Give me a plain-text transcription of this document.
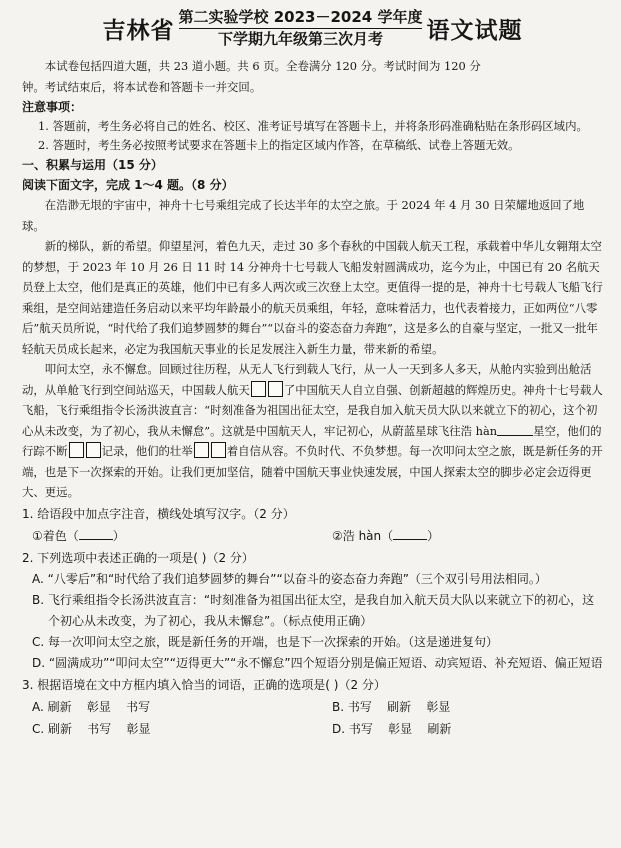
吉林省
第二实验学校 2023－2024 学年度
下学期九年级第三次月考 语文试题

本试卷包括四道大题，共 23 道小题。共 6 页。全卷满分 120 分。考试时间为 120 分

钟。考试结束后，将本试卷和答题卡一并交回。

注意事项：

1. 答题前，考生务必将自己的姓名、校区、准考证号填写在答题卡上，并将条形码准确粘贴在条形码区域内。

2. 答题时，考生务必按照考试要求在答题卡上的指定区域内作答，在草稿纸、试卷上答题无效。

一、积累与运用（15 分）

阅读下面文字，完成 1～4 题。（8 分）

在浩渺无垠的宇宙中，神舟十七号乘组完成了长达半年的太空之旅。于 2024 年 4 月 30 日荣耀地返回了地球。

新的梯队，新的希望。仰望星河，着色九天，走过 30 多个春秋的中国载人航天工程，承载着中华儿女翱翔太空的梦想，于 2023 年 10 月 26 日 11 时 14 分神舟十七号载人飞船发射圆满成功，迄今为止，中国已有 20 名航天员登上太空，他们是真正的英雄，他们中已有多人两次或三次登上太空。更值得一提的是，神舟十七号载人飞船飞行乘组，是空间站建造任务启动以来平均年龄最小的航天员乘组，年轻，意味着活力，也代表着接力，正如两位“八零后”航天员所说，“时代给了我们追梦圆梦的舞台”“以奋斗的姿态奋力奔跑”，这是多么的自豪与坚定，一批又一批年轻航天员成长起来，必定为我国航天事业的长足发展注入新生力量，带来新的希望。

叩问太空，永不懈怠。回顾过往历程，从无人飞行到载人飞行，从一人一天到多人多天，从舱内实验到出舱活动，从单舱飞行到空间站巡天，中国载人航天	了中国航天人自立自强、创新超越的辉煌历史。神舟十七号载人飞船，飞行乘组指令长汤洪波直言：“时刻准备为祖国出征太空，是我自加入航天员大队以来就立下的初心，这个初心从未改变，为了初心，我从未懈怠”。这就是中国航天人，牢记初心，从蔚蓝星球飞往浩 hàn	星空，他们的行踪不断	记录，他们的壮举	着自信从容。不负时代、不负梦想。每一次叩问太空之旅，既是新任务的开端，也是下一次探索的开始。让我们更加坚信，随着中国航天事业快速发展，中国人探索太空的脚步必定会迈得更大、更远。

1. 给语段中加点字注音，横线处填写汉字。（2 分）

①着色（	）	②浩 hàn（	）

2. 下列选项中表述正确的一项是( )（2 分）

A. “八零后”和“时代给了我们追梦圆梦的舞台”“以奋斗的姿态奋力奔跑”（三个双引号用法相同。）

B. 飞行乘组指令长汤洪波直言：“时刻准备为祖国出征太空，是我自加入航天员大队以来就立下的初心，这个初心从未改变，为了初心，我从未懈怠”。（标点使用正确）

C. 每一次叩问太空之旅，既是新任务的开端，也是下一次探索的开始。（这是递进复句）

D. “圆满成功”“叩问太空”“迈得更大”“永不懈怠”四个短语分别是偏正短语、动宾短语、补充短语、偏正短语

3. 根据语境在文中方框内填入恰当的词语，正确的选项是( )（2 分）

A. 刷新    彰显    书写	B. 书写    刷新    彰显
C. 刷新    书写    彰显	D. 书写    彰显    刷新
